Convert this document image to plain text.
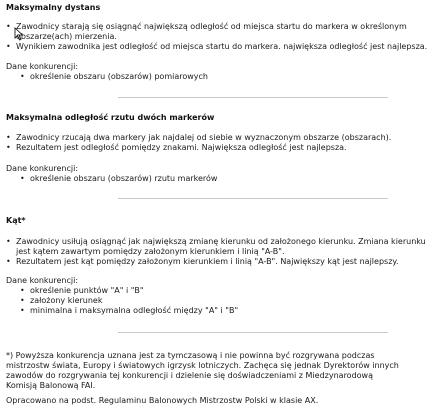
Maksymalny dystans
• Zawodnicy starają się osiągnąć największą odległość od miejsca startu do markera w określonym
obszarze(ach) mierzenia.
• Wynikiem zawodnika jest odległość od miejsca startu do markera. największa odległość jest najlepsza.
Dane konkurencji:
• określenie obszaru (obszarów) pomiarowych
Maksymalna odległość rzutu dwóch markerów
• Zawodnicy rzucają dwa markery jak najdalej od siebie w wyznaczonym obszarze (obszarach).
• Rezultatem jest odległość pomiędzy znakami. Największa odległość jest najlepsza.
Dane konkurencji:
• określenie obszaru (obszarów) rzutu markerów
Kąt*
• Zawodnicy usiłują osiągnąć jak największą zmianę kierunku od założonego kierunku. Zmiana kierunku
jest kątem zawartym pomiędzy założonym kierunkiem i linią "A-B".
• Rezultatem jest kąt pomiędzy założonym kierunkiem i linią "A-B". Największy kąt jest najlepszy.
Dane konkurencji:
• określenie punktów "A" i "B"
• założony kierunek
• minimalna i maksymalna odległość między "A" i "B"
*) Powyższa konkurencja uznana jest za tymczasową i nie powinna być rozgrywana podczas
mistrzostw świata, Europy i światowych igrzysk lotniczych. Zachęca się jednak Dyrektorów innych
zawodów do rozgrywania tej konkurencji i dzielenie się doświadczeniami z Miedzynarodową
Komisją Balonową FAI.
Opracowano na podst. Regulaminu Balonowych Mistrzostw Polski w klasie AX.
